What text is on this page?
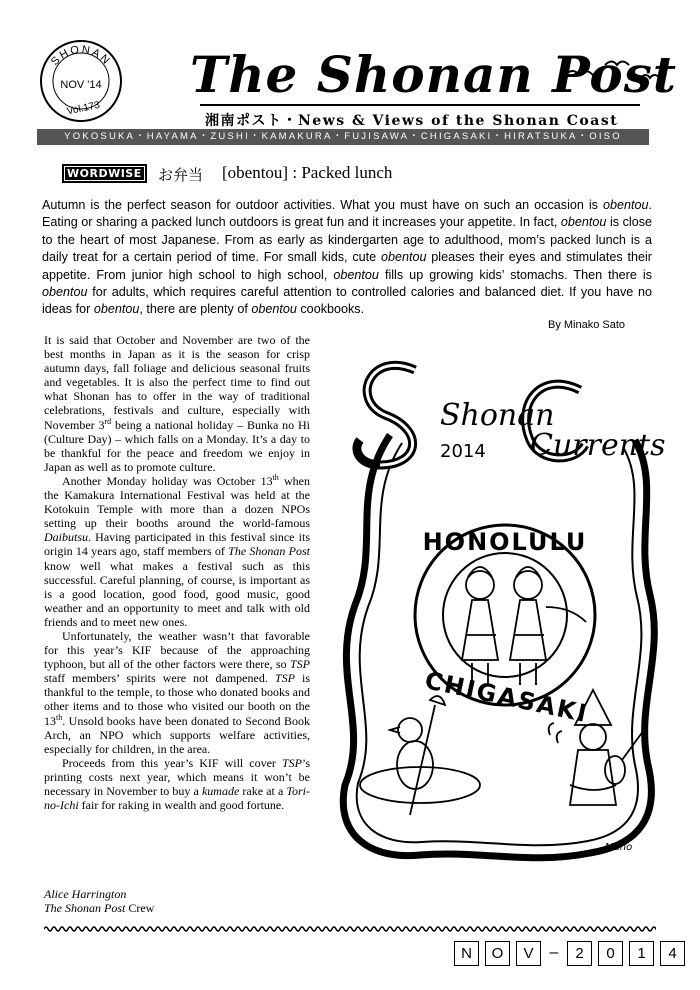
SHONAN
NOV '14
Vol.173
The Shonan Post
湘南ポスト・News & Views of the Shonan Coast
YOKOSUKA・HAYAMA・ZUSHI・KAMAKURA・FUJISAWA・CHIGASAKI・HIRATSUKA・OISO
WORDWISE	お弁当 [obentou] : Packed lunch
Autumn is the perfect season for outdoor activities. What you must have on such an occasion is obentou. Eating or sharing a packed lunch outdoors is great fun and it increases your appetite. In fact, obentou is close to the heart of most Japanese. From as early as kindergarten age to adulthood, mom’s packed lunch is a daily treat for a certain period of time. For small kids, cute obentou pleases their eyes and stimulates their appetite. From junior high school to high school, obentou fills up growing kids’ stomachs. Then there is obentou for adults, which requires careful attention to controlled calories and balanced diet. If you have no ideas for obentou, there are plenty of obentou cookbooks.
By Minako Sato

It is said that October and November are two of the best months in Japan as it is the season for crisp autumn days, fall foliage and delicious seasonal fruits and vegetables. It is also the perfect time to find out what Shonan has to offer in the way of traditional celebrations, festivals and culture, especially with November 3rd being a national holiday – Bunka no Hi (Culture Day) – which falls on a Monday. It’s a day to be thankful for the peace and freedom we enjoy in Japan as well as to promote culture.

Another Monday holiday was October 13th when the Kamakura International Festival was held at the Kotokuin Temple with more than a dozen NPOs setting up their booths around the world-famous Daibutsu. Having participated in this festival since its origin 14 years ago, staff members of The Shonan Post know well what makes a festival such as this successful. Careful planning, of course, is important as is a good location, good food, good music, good weather and an opportunity to meet and talk with old friends and to meet new ones.

Unfortunately, the weather wasn’t that favorable for this year’s KIF because of the approaching typhoon, but all of the other factors were there, so TSP staff members’ spirits were not dampened. TSP is thankful to the temple, to those who donated books and other items and to those who visited our booth on the 13th. Unsold books have been donated to Second Book Arch, an NPO which supports welfare activities, especially for children, in the area.

Proceeds from this year’s KIF will cover TSP’s printing costs next year, which means it won’t be necessary in November to buy a kumade rake at a Tori-no-Ichi fair for raking in wealth and good fortune.

Alice Harrington
The Shonan Post Crew
Shonan
Currents
2014
HONOLULU
CHIGASAKI
Maho
N	O	V	–	2	0	1	4
